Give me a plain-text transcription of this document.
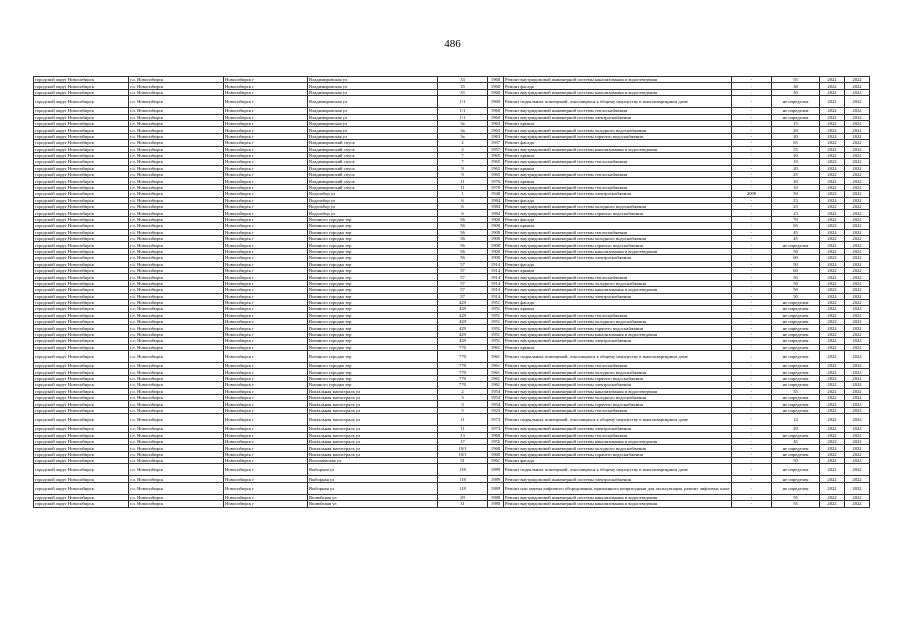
486
городской округ Новосибирск	г.о. Новосибирск	Новосибирск г	Владимировская ул	33	1960	Ремонт внутридомовой инженерной системы канализования и водоотведения	-	55	2022	2022
городской округ Новосибирск	г.о. Новосибирск	Новосибирск г	Владимировская ул	35	1960	Ремонт фасада	-	30	2022	2022
городской округ Новосибирск	г.о. Новосибирск	Новосибирск г	Владимировская ул	35	1960	Ремонт внутридомовой инженерной системы канализования и водоотведения	-	50	2022	2022
городской округ Новосибирск	г.о. Новосибирск	Новосибирск г	Владимировская ул	1/1	1960	Ремонт подвальных помещений, относящихся к общему имуществу в многоквартирном доме	-	не определен	2022	2022
городской округ Новосибирск	г.о. Новосибирск	Новосибирск г	Владимировская ул	1/1	1960	Ремонт внутридомовой инженерной системы теплоснабжения	-	не определен	2022	2022
городской округ Новосибирск	г.о. Новосибирск	Новосибирск г	Владимировская ул	1/1	1960	Ремонт внутридомовой инженерной системы электроснабжения	-	не определен	2022	2022
городской округ Новосибирск	г.о. Новосибирск	Новосибирск г	Владимировская ул	3а	1963	Ремонт крыши	-	15	2022	2022
городской округ Новосибирск	г.о. Новосибирск	Новосибирск г	Владимировская ул	3а	1963	Ремонт внутридомовой инженерной системы холодного водоснабжения	-	20	2022	2022
городской округ Новосибирск	г.о. Новосибирск	Новосибирск г	Владимировская ул	3а	1963	Ремонт внутридомовой инженерной системы горячего водоснабжения	-	20	2022	2022
городской округ Новосибирск	г.о. Новосибирск	Новосибирск г	Владимировский спуск	2	1957	Ремонт фасада	-	65	2022	2022
городской округ Новосибирск	г.о. Новосибирск	Новосибирск г	Владимировский спуск	2	1957	Ремонт внутридомовой инженерной системы канализования и водоотведения	-	55	2022	2022
городской округ Новосибирск	г.о. Новосибирск	Новосибирск г	Владимировский спуск	7	1965	Ремонт крыши	-	20	2022	2022
городской округ Новосибирск	г.о. Новосибирск	Новосибирск г	Владимировский спуск	7	1965	Ремонт внутридомовой инженерной системы теплоснабжения	-	10	2022	2022
городской округ Новосибирск	г.о. Новосибирск	Новосибирск г	Владимировский спуск	9	1965	Ремонт крыши	-	20	2022	2022
городской округ Новосибирск	г.о. Новосибирск	Новосибирск г	Владимировский спуск	9	1965	Ремонт внутридомовой инженерной системы теплоснабжения	-	25	2022	2022
городской округ Новосибирск	г.о. Новосибирск	Новосибирск г	Владимировский спуск	11	1970	Ремонт крыши	-	20	2022	2022
городской округ Новосибирск	г.о. Новосибирск	Новосибирск г	Владимировский спуск	11	1970	Ремонт внутридомовой инженерной системы теплоснабжения	-	10	2022	2022
городской округ Новосибирск	г.о. Новосибирск	Новосибирск г	Водозабор ул	1	1940	Ремонт внутридомовой инженерной системы электроснабжения	2009	50	2022	2022
городской округ Новосибирск	г.о. Новосибирск	Новосибирск г	Водозабор ул	6	1984	Ремонт фасада	-	23	2022	2022
городской округ Новосибирск	г.о. Новосибирск	Новосибирск г	Водозабор ул	6	1984	Ремонт внутридомовой инженерной системы холодного водоснабжения	-	23	2022	2022
городской округ Новосибирск	г.о. Новосибирск	Новосибирск г	Водозабор ул	6	1984	Ремонт внутридомовой инженерной системы горячего водоснабжения	-	23	2022	2022
городской округ Новосибирск	г.о. Новосибирск	Новосибирск г	Военного городка тер	56	1900	Ремонт фасада	-	70	2022	2022
городской округ Новосибирск	г.о. Новосибирск	Новосибирск г	Военного городка тер	56	1900	Ремонт крыши	-	65	2022	2022
городской округ Новосибирск	г.о. Новосибирск	Новосибирск г	Военного городка тер	56	1900	Ремонт внутридомовой инженерной системы теплоснабжения	-	45	2022	2022
городской округ Новосибирск	г.о. Новосибирск	Новосибирск г	Военного городка тер	56	1900	Ремонт внутридомовой инженерной системы холодного водоснабжения	-	45	2022	2022
городской округ Новосибирск	г.о. Новосибирск	Новосибирск г	Военного городка тер	56	1900	Ремонт внутридомовой инженерной системы горячего водоснабжения	-	не определен	2022	2022
городской округ Новосибирск	г.о. Новосибирск	Новосибирск г	Военного городка тер	56	1900	Ремонт внутридомовой инженерной системы канализования и водоотведения	-	50	2022	2022
городской округ Новосибирск	г.о. Новосибирск	Новосибирск г	Военного городка тер	56	1900	Ремонт внутридомовой инженерной системы электроснабжения	-	60	2022	2022
городской округ Новосибирск	г.о. Новосибирск	Новосибирск г	Военного городка тер	57	1914	Ремонт фасада	-	50	2022	2022
городской округ Новосибирск	г.о. Новосибирск	Новосибирск г	Военного городка тер	57	1914	Ремонт крыши	-	60	2022	2022
городской округ Новосибирск	г.о. Новосибирск	Новосибирск г	Военного городка тер	57	1914	Ремонт внутридомовой инженерной системы теплоснабжения	-	50	2022	2022
городской округ Новосибирск	г.о. Новосибирск	Новосибирск г	Военного городка тер	57	1914	Ремонт внутридомовой инженерной системы холодного водоснабжения	-	50	2022	2022
городской округ Новосибирск	г.о. Новосибирск	Новосибирск г	Военного городка тер	57	1914	Ремонт внутридомовой инженерной системы канализования и водоотведения	-	50	2022	2022
городской округ Новосибирск	г.о. Новосибирск	Новосибирск г	Военного городка тер	57	1914	Ремонт внутридомовой инженерной системы электроснабжения	-	50	2022	2022
городской округ Новосибирск	г.о. Новосибирск	Новосибирск г	Военного городка тер	429	1951	Ремонт фасада	-	не определен	2022	2022
городской округ Новосибирск	г.о. Новосибирск	Новосибирск г	Военного городка тер	429	1951	Ремонт крыши	-	не определен	2022	2022
городской округ Новосибирск	г.о. Новосибирск	Новосибирск г	Военного городка тер	429	1951	Ремонт внутридомовой инженерной системы теплоснабжения	-	не определен	2022	2022
городской округ Новосибирск	г.о. Новосибирск	Новосибирск г	Военного городка тер	429	1951	Ремонт внутридомовой инженерной системы холодного водоснабжения	-	не определен	2022	2022
городской округ Новосибирск	г.о. Новосибирск	Новосибирск г	Военного городка тер	429	1951	Ремонт внутридомовой инженерной системы горячего водоснабжения	-	не определен	2022	2022
городской округ Новосибирск	г.о. Новосибирск	Новосибирск г	Военного городка тер	429	1951	Ремонт внутридомовой инженерной системы канализования и водоотведения	-	не определен	2022	2022
городской округ Новосибирск	г.о. Новосибирск	Новосибирск г	Военного городка тер	429	1951	Ремонт внутридомовой инженерной системы электроснабжения	-	не определен	2022	2022
городской округ Новосибирск	г.о. Новосибирск	Новосибирск г	Военного городка тер	770	1961	Ремонт крыши	-	не определен	2022	2022
городской округ Новосибирск	г.о. Новосибирск	Новосибирск г	Военного городка тер	770	1961	Ремонт подвальных помещений, относящихся к общему имуществу в многоквартирном доме	-	не определен	2022	2022
городской округ Новосибирск	г.о. Новосибирск	Новосибирск г	Военного городка тер	770	1961	Ремонт внутридомовой инженерной системы теплоснабжения	-	не определен	2022	2022
городской округ Новосибирск	г.о. Новосибирск	Новосибирск г	Военного городка тер	770	1961	Ремонт внутридомовой инженерной системы холодного водоснабжения	-	не определен	2022	2022
городской округ Новосибирск	г.о. Новосибирск	Новосибирск г	Военного городка тер	770	1961	Ремонт внутридомовой инженерной системы горячего водоснабжения	-	не определен	2022	2022
городской округ Новосибирск	г.о. Новосибирск	Новосибирск г	Военного городка тер	770	1961	Ремонт внутридомовой инженерной системы электроснабжения	-	не определен	2022	2022
городской округ Новосибирск	г.о. Новосибирск	Новосибирск г	Вокзальная магистраль ул	2	1954	Ремонт внутридомовой инженерной системы канализования и водоотведения	-	35	2022	2022
городской округ Новосибирск	г.о. Новосибирск	Новосибирск г	Вокзальная магистраль ул	3	1954	Ремонт внутридомовой инженерной системы холодного водоснабжения	-	не определен	2022	2022
городской округ Новосибирск	г.о. Новосибирск	Новосибирск г	Вокзальная магистраль ул	3	1954	Ремонт внутридомовой инженерной системы горячего водоснабжения	-	не определен	2022	2022
городской округ Новосибирск	г.о. Новосибирск	Новосибирск г	Вокзальная магистраль ул	5	1923	Ремонт внутридомовой инженерной системы теплоснабжения	-	не определен	2022	2022
городской округ Новосибирск	г.о. Новосибирск	Новосибирск г	Вокзальная магистраль ул	11	1973	Ремонт подвальных помещений, относящихся к общему имуществу в многоквартирном доме	-	14	2022	2022
городской округ Новосибирск	г.о. Новосибирск	Новосибирск г	Вокзальная магистраль ул	11	1973	Ремонт внутридомовой инженерной системы электроснабжения	-	20	2022	2022
городской округ Новосибирск	г.о. Новосибирск	Новосибирск г	Вокзальная магистраль ул	13	1969	Ремонт внутридомовой инженерной системы теплоснабжения	-	не определен	2022	2022
городской округ Новосибирск	г.о. Новосибирск	Новосибирск г	Вокзальная магистраль ул	17	1955	Ремонт внутридомовой инженерной системы канализования и водоотведения	-	45	2022	2022
городской округ Новосибирск	г.о. Новосибирск	Новосибирск г	Вокзальная магистраль ул	10/1	1960	Ремонт внутридомовой инженерной системы холодного водоснабжения	-	не определен	2022	2022
городской округ Новосибирск	г.о. Новосибирск	Новосибирск г	Вокзальная магистраль ул	10/1	1960	Ремонт внутридомовой инженерной системы горячего водоснабжения	-	не определен	2022	2022
городской округ Новосибирск	г.о. Новосибирск	Новосибирск г	Волочаевская ул	51	1961	Ремонт фасада	-	50	2022	2022
городской округ Новосибирск	г.о. Новосибирск	Новосибирск г	Выборная ул	118	1989	Ремонт подвальных помещений, относящихся к общему имуществу в многоквартирном доме	-	не определен	2022	2022
городской округ Новосибирск	г.о. Новосибирск	Новосибирск г	Выборная ул	118	1989	Ремонт внутридомовой инженерной системы электроснабжения	-	не определен	2022	2022
городской округ Новосибирск	г.о. Новосибирск	Новосибирск г	Выборная ул	118	1989	Ремонт или замена лифтового оборудования, признанного непригодным для эксплуатации, ремонт лифтовых шахт	-	не определен	2022	2022
городской округ Новосибирск	г.о. Новосибирск	Новосибирск г	Вилюйская ул	29	1980	Ремонт внутридомовой инженерной системы канализования и водоотведения	-	55	2022	2022
городской округ Новосибирск	г.о. Новосибирск	Новосибирск г	Вилюйская ул	31	1980	Ремонт внутридомовой инженерной системы канализования и водоотведения	-	55	2022	2022
